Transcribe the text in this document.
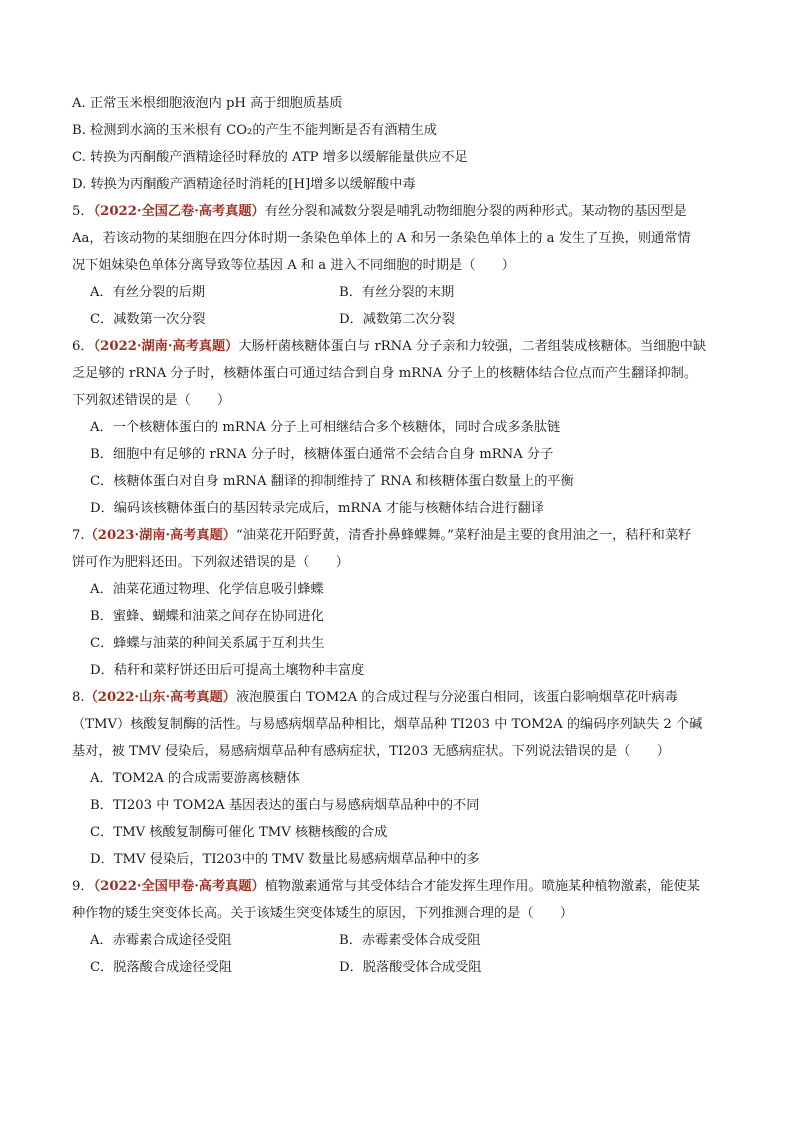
A. 正常玉米根细胞液泡内 pH 高于细胞质基质
B. 检测到水滴的玉米根有 CO₂的产生不能判断是否有酒精生成
C. 转换为丙酮酸产酒精途径时释放的 ATP 增多以缓解能量供应不足
D. 转换为丙酮酸产酒精途径时消耗的[H]增多以缓解酸中毒
5．（2022·全国乙卷·高考真题）有丝分裂和减数分裂是哺乳动物细胞分裂的两种形式。某动物的基因型是
Aa，若该动物的某细胞在四分体时期一条染色单体上的 A 和另一条染色单体上的 a 发生了互换，则通常情
况下姐妹染色单体分离导致等位基因 A 和 a 进入不同细胞的时期是（　　）
A．有丝分裂的后期	B．有丝分裂的末期
C．减数第一次分裂	D．减数第二次分裂
6．（2022·湖南·高考真题）大肠杆菌核糖体蛋白与 rRNA 分子亲和力较强，二者组装成核糖体。当细胞中缺
乏足够的 rRNA 分子时，核糖体蛋白可通过结合到自身 mRNA 分子上的核糖体结合位点而产生翻译抑制。
下列叙述错误的是（　　）
A．一个核糖体蛋白的 mRNA 分子上可相继结合多个核糖体，同时合成多条肽链
B．细胞中有足够的 rRNA 分子时，核糖体蛋白通常不会结合自身 mRNA 分子
C．核糖体蛋白对自身 mRNA 翻译的抑制维持了 RNA 和核糖体蛋白数量上的平衡
D．编码该核糖体蛋白的基因转录完成后，mRNA 才能与核糖体结合进行翻译
7.（2023·湖南·高考真题）“油菜花开陌野黄，清香扑鼻蜂蝶舞。”菜籽油是主要的食用油之一，秸秆和菜籽
饼可作为肥料还田。下列叙述错误的是（　　）
A．油菜花通过物理、化学信息吸引蜂蝶
B．蜜蜂、蝴蝶和油菜之间存在协同进化
C．蜂蝶与油菜的种间关系属于互利共生
D．秸秆和菜籽饼还田后可提高土壤物种丰富度
8.（2022·山东·高考真题）液泡膜蛋白 TOM2A 的合成过程与分泌蛋白相同，该蛋白影响烟草花叶病毒
（TMV）核酸复制酶的活性。与易感病烟草品种相比，烟草品种 TI203 中 TOM2A 的编码序列缺失 2 个碱
基对，被 TMV 侵染后，易感病烟草品种有感病症状，TI203 无感病症状。下列说法错误的是（　　）
A．TOM2A 的合成需要游离核糖体
B．TI203 中 TOM2A 基因表达的蛋白与易感病烟草品种中的不同
C．TMV 核酸复制酶可催化 TMV 核糖核酸的合成
D．TMV 侵染后，TI203中的 TMV 数量比易感病烟草品种中的多
9．（2022·全国甲卷·高考真题）植物激素通常与其受体结合才能发挥生理作用。喷施某种植物激素，能使某
种作物的矮生突变体长高。关于该矮生突变体矮生的原因，下列推测合理的是（　　）
A．赤霉素合成途径受阻	B．赤霉素受体合成受阻
C．脱落酸合成途径受阻	D．脱落酸受体合成受阻
